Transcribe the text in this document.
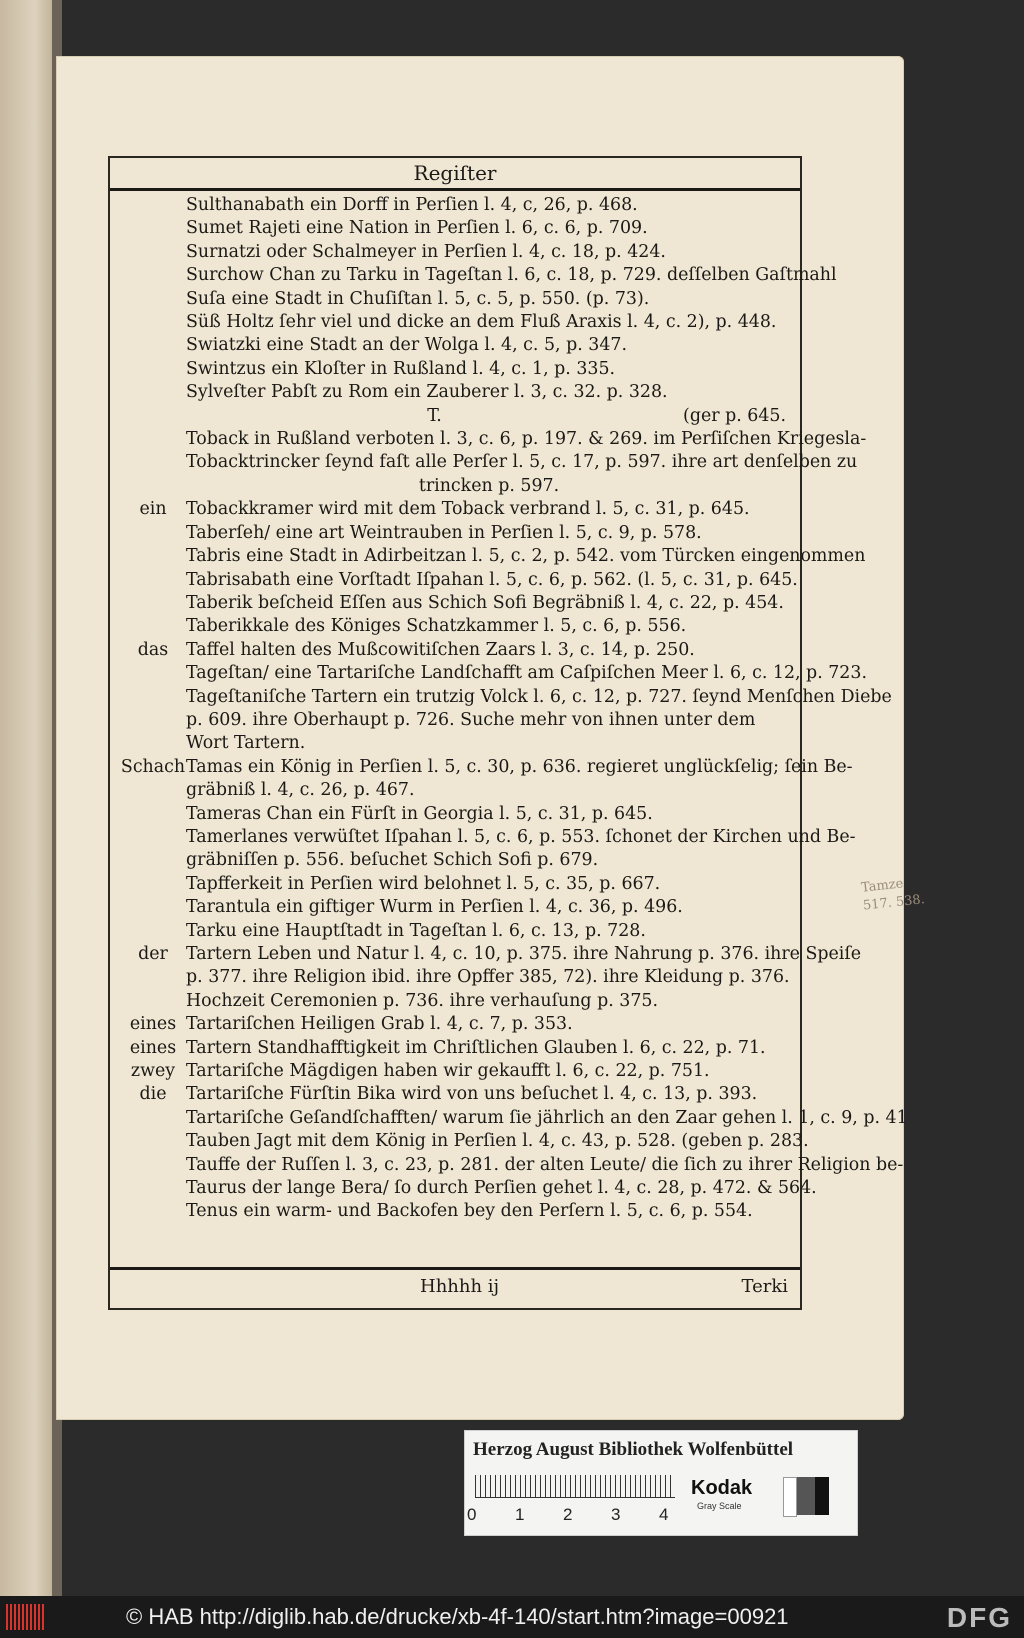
Regiſter
Sulthanabath ein Dorff in Perſien l. 4, c, 26, p. 468.
Sumet Rajeti eine Nation in Perſien l. 6, c. 6, p. 709.
Surnatzi oder Schalmeyer in Perſien l. 4, c. 18, p. 424.
Surchow Chan zu Tarku in Tageſtan l. 6, c. 18, p. 729. deſſelben Gaſtmahl
Suſa eine Stadt in Chuſiſtan l. 5, c. 5, p. 550. (p. 73).
Süß Holtz ſehr viel und dicke an dem Fluß Araxis l. 4, c. 2), p. 448.
Swiatzki eine Stadt an der Wolga l. 4, c. 5, p. 347.
Swintzus ein Kloſter in Rußland l. 4, c. 1, p. 335.
Sylveſter Pabſt zu Rom ein Zauberer l. 3, c. 32. p. 328.
T.	(ger p. 645.
Toback in Rußland verboten l. 3, c. 6, p. 197. & 269. im Perſiſchen Kriegesla-
Tobacktrincker ſeynd faſt alle Perſer l. 5, c. 17, p. 597. ihre art denſelben zu
trincken p. 597.
ein	Tobackkramer wird mit dem Toback verbrand l. 5, c. 31, p. 645.
Taberſeh/ eine art Weintrauben in Perſien l. 5, c. 9, p. 578.
Tabris eine Stadt in Adirbeitzan l. 5, c. 2, p. 542. vom Türcken eingenommen
Tabrisabath eine Vorſtadt Iſpahan l. 5, c. 6, p. 562. (l. 5, c. 31, p. 645.
Taberik beſcheid Eſſen aus Schich Sofi Begräbniß l. 4, c. 22, p. 454.
Taberikkale des Königes Schatzkammer l. 5, c. 6, p. 556.
das	Taffel halten des Mußcowitiſchen Zaars l. 3, c. 14, p. 250.
Tageſtan/ eine Tartariſche Landſchafft am Caſpiſchen Meer l. 6, c. 12, p. 723.
Tageſtaniſche Tartern ein trutzig Volck l. 6, c. 12, p. 727. ſeynd Menſchen Diebe
p. 609. ihre Oberhaupt p. 726. Suche mehr von ihnen unter dem
Wort Tartern.
Schach Tamas ein König in Perſien l. 5, c. 30, p. 636. regieret unglückſelig; ſein Be-
gräbniß l. 4, c. 26, p. 467.
Tameras Chan ein Fürſt in Georgia l. 5, c. 31, p. 645.
Tamerlanes verwüſtet Iſpahan l. 5, c. 6, p. 553. ſchonet der Kirchen und Be-
gräbniſſen p. 556. beſuchet Schich Sofi p. 679.
Tapfferkeit in Perſien wird belohnet l. 5, c. 35, p. 667.
Tarantula ein giftiger Wurm in Perſien l. 4, c. 36, p. 496.
Tarku eine Hauptſtadt in Tageſtan l. 6, c. 13, p. 728.
der	Tartern Leben und Natur l. 4, c. 10, p. 375. ihre Nahrung p. 376. ihre Speiſe
p. 377. ihre Religion ibid. ihre Opffer 385, 72). ihre Kleidung p. 376.
Hochzeit Ceremonien p. 736. ihre verhauſung p. 375.
eines Tartariſchen Heiligen Grab l. 4, c. 7, p. 353.
eines Tartern Standhafftigkeit im Chriſtlichen Glauben l. 6, c. 22, p. 71.
zwey Tartariſche Mägdigen haben wir gekaufft l. 6, c. 22, p. 751.
die	Tartariſche Fürſtin Bika wird von uns beſuchet l. 4, c. 13, p. 393.
Tartariſche Geſandſchafften/ warum ſie jährlich an den Zaar gehen l. 1, c. 9, p. 41
Tauben Jagt mit dem König in Perſien l. 4, c. 43, p. 528. (geben p. 283.
Tauffe der Ruſſen l. 3, c. 23, p. 281. der alten Leute/ die ſich zu ihrer Religion be-
Taurus der lange Bera/ ſo durch Perſien gehet l. 4, c. 28, p. 472. & 564.
Tenus ein warm- und Backofen bey den Perſern l. 5, c. 6, p. 554.
Hhhhh ij	Terki
Tamze 517. 538.
Herzog August Bibliothek Wolfenbüttel
0 1 2 3 4
Kodak
Gray Scale
© HAB http://diglib.hab.de/drucke/xb-4f-140/start.htm?image=00921	DFG
